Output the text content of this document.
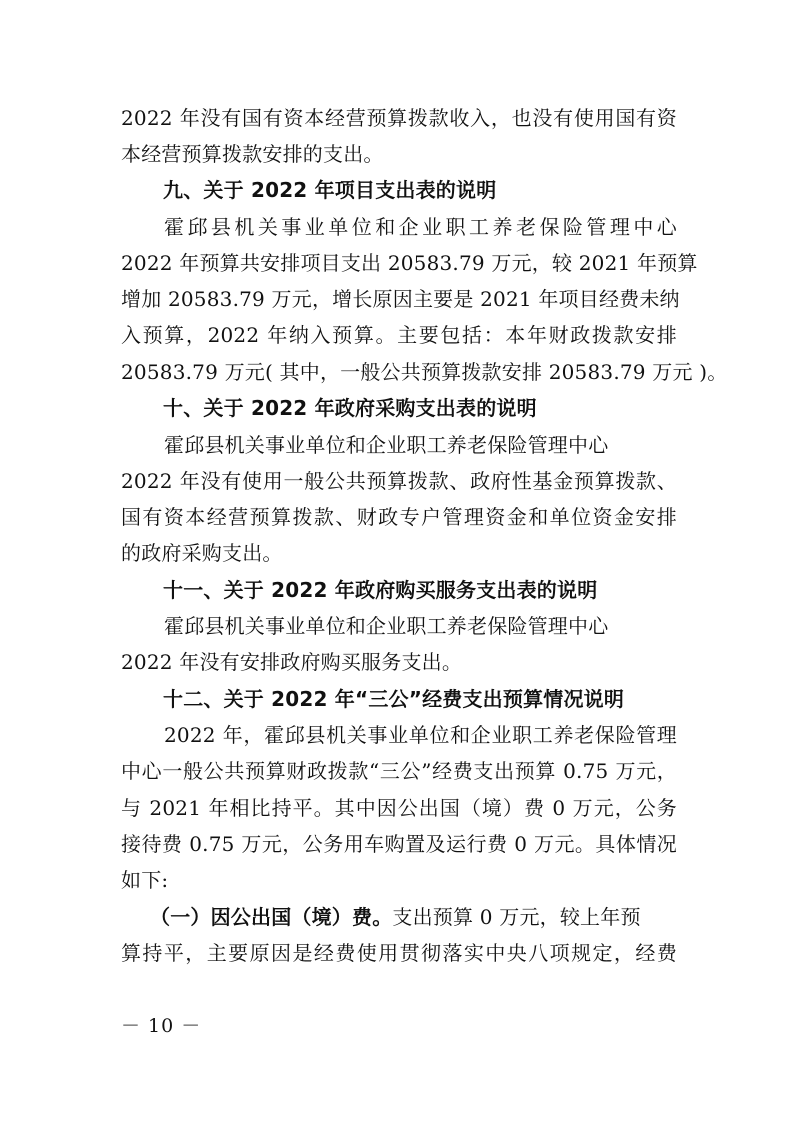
2022 年没有国有资本经营预算拨款收入，也没有使用国有资
本经营预算拨款安排的支出。
九、关于 2022 年项目支出表的说明
霍邱县机关事业单位和企业职工养老保险管理中心
2022 年预算共安排项目支出 20583.79 万元，较 2021 年预算
增加 20583.79 万元，增长原因主要是 2021 年项目经费未纳
入预算，2022 年纳入预算。主要包括：本年财政拨款安排
20583.79 万元( 其中，一般公共预算拨款安排 20583.79 万元 )。
十、关于 2022 年政府采购支出表的说明
霍邱县机关事业单位和企业职工养老保险管理中心
2022 年没有使用一般公共预算拨款、政府性基金预算拨款、
国有资本经营预算拨款、财政专户管理资金和单位资金安排
的政府采购支出。
十一、关于 2022 年政府购买服务支出表的说明
霍邱县机关事业单位和企业职工养老保险管理中心
2022 年没有安排政府购买服务支出。
十二、关于 2022 年“三公”经费支出预算情况说明
2022 年，霍邱县机关事业单位和企业职工养老保险管理
中心一般公共预算财政拨款“三公”经费支出预算 0.75 万元，
与 2021 年相比持平。其中因公出国（境）费 0 万元，公务
接待费 0.75 万元，公务用车购置及运行费 0 万元。具体情况
如下:
（一）因公出国（境）费。支出预算 0 万元，较上年预
算持平，主要原因是经费使用贯彻落实中央八项规定，经费
－ 10 －
